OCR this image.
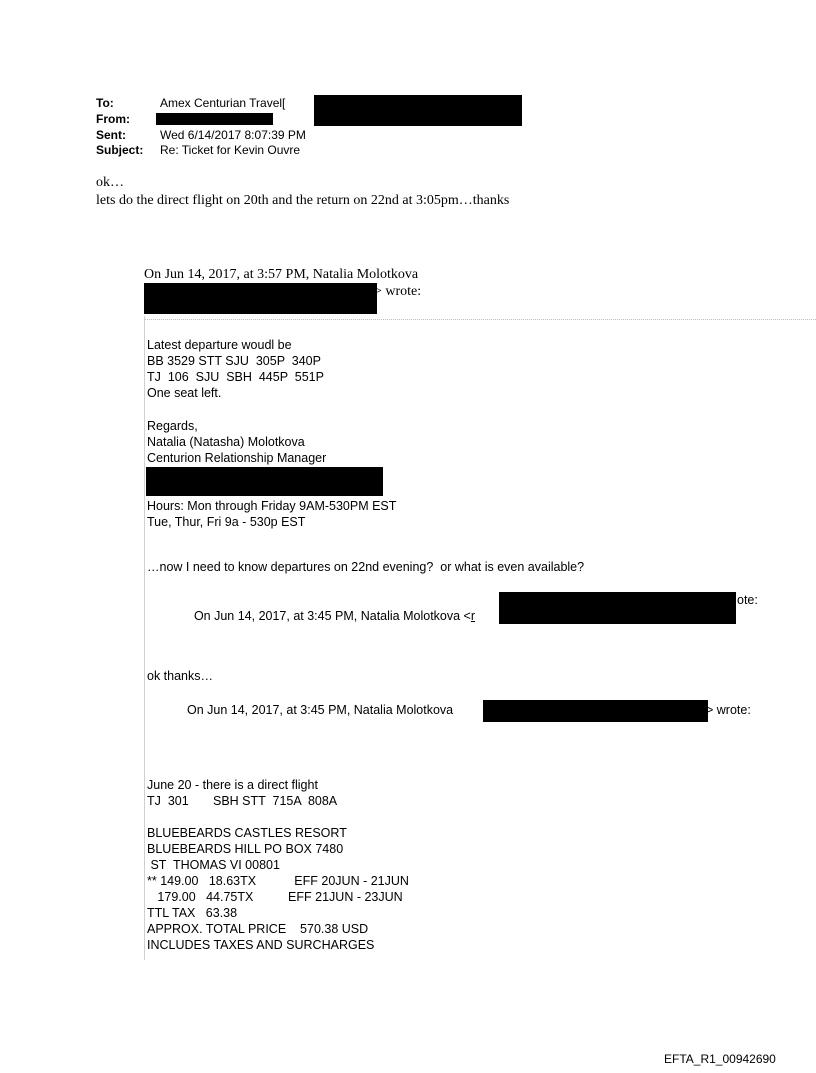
To:	Amex Centurian Travel[
From:
Sent:	Wed 6/14/2017 8:07:39 PM
Subject: Re: Ticket for Kevin Ouvre
ok…
lets do the direct flight on 20th and the return on 22nd at 3:05pm…thanks
On Jun 14, 2017, at 3:57 PM, Natalia Molotkova
> wrote:
Latest departure woudl be
BB 3529 STT SJU  305P  340P
TJ  106  SJU  SBH  445P  551P
One seat left.
Regards,
Natalia (Natasha) Molotkova
Centurion Relationship Manager
Hours: Mon through Friday 9AM-530PM EST
Tue, Thur, Fri 9a - 530p EST
…now I need to know departures on 22nd evening?  or what is even available?

On Jun 14, 2017, at 3:45 PM, Natalia Molotkova <r

ote:
ok thanks…
On Jun 14, 2017, at 3:45 PM, Natalia Molotkova	> wrote:
June 20 - there is a direct flight
TJ  301       SBH STT  715A  808A
BLUEBEARDS CASTLES RESORT
BLUEBEARDS HILL PO BOX 7480
ST  THOMAS VI 00801
** 149.00   18.63TX           EFF 20JUN - 21JUN
179.00   44.75TX          EFF 21JUN - 23JUN
TTL TAX   63.38
APPROX. TOTAL PRICE    570.38 USD
INCLUDES TAXES AND SURCHARGES
EFTA_R1_00942690
